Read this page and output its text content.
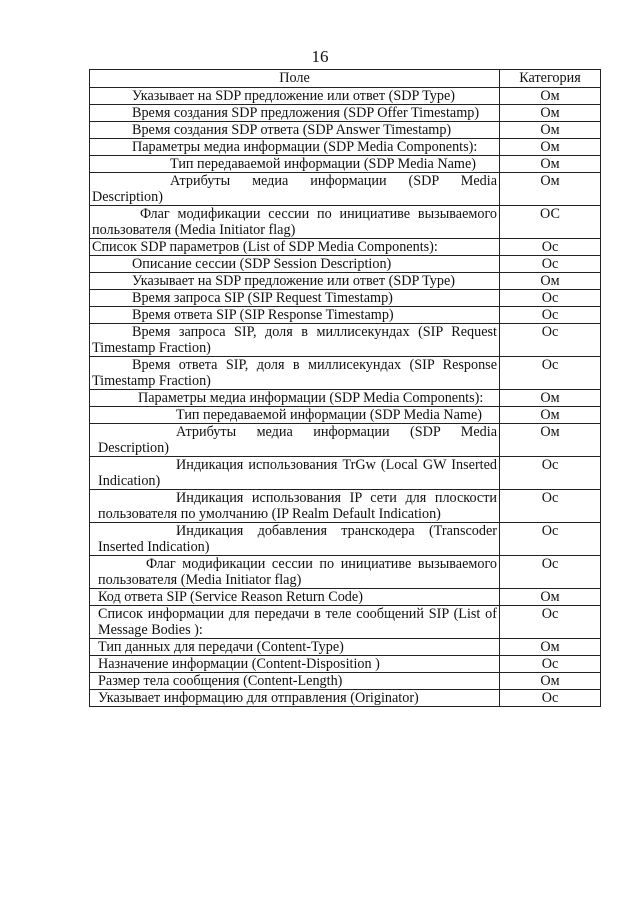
16
Поле	Категория
Указывает на SDP предложение или ответ (SDP Type)	Ом
Время создания SDP предложения (SDP Offer Timestamp)	Ом
Время создания SDP ответа (SDP Answer Timestamp)	Ом
Параметры медиа информации (SDP Media Components):	Ом
Тип передаваемой информации (SDP Media Name)	Ом
Атрибуты медиа информации (SDP Media Description)	Ом
Флаг модификации сессии по инициативе вызываемого пользователя (Media Initiator flag)	ОС
Список SDP параметров (List of SDP Media Components):	Ос
Описание сессии (SDP Session Description)	Ос
Указывает на SDP предложение или ответ (SDP Type)	Ом
Время запроса SIP (SIP Request Timestamp)	Ос
Время ответа SIP (SIP Response Timestamp)	Ос
Время запроса SIP, доля в миллисекундах (SIP Request Timestamp Fraction)	Ос
Время ответа SIP, доля в миллисекундах (SIP Response Timestamp Fraction)	Ос
Параметры медиа информации (SDP Media Components):	Ом
Тип передаваемой информации (SDP Media Name)	Ом
Атрибуты медиа информации (SDP Media Description)	Ом
Индикация использования TrGw (Local GW Inserted Indication)	Ос
Индикация использования IP сети для плоскости пользователя по умолчанию (IP Realm Default Indication)	Ос
Индикация добавления транскодера (Transcoder Inserted Indication)	Ос
Флаг модификации сессии по инициативе вызываемого пользователя (Media Initiator flag)	Ос
Код ответа SIP (Service Reason Return Code)	Ом
Список информации для передачи в теле сообщений SIP (List of Message Bodies ):	Ос
Тип данных для передачи (Content-Type)	Ом
Назначение информации (Content-Disposition )	Ос
Размер тела сообщения (Content-Length)	Ом
Указывает информацию для отправления (Originator)	Ос
